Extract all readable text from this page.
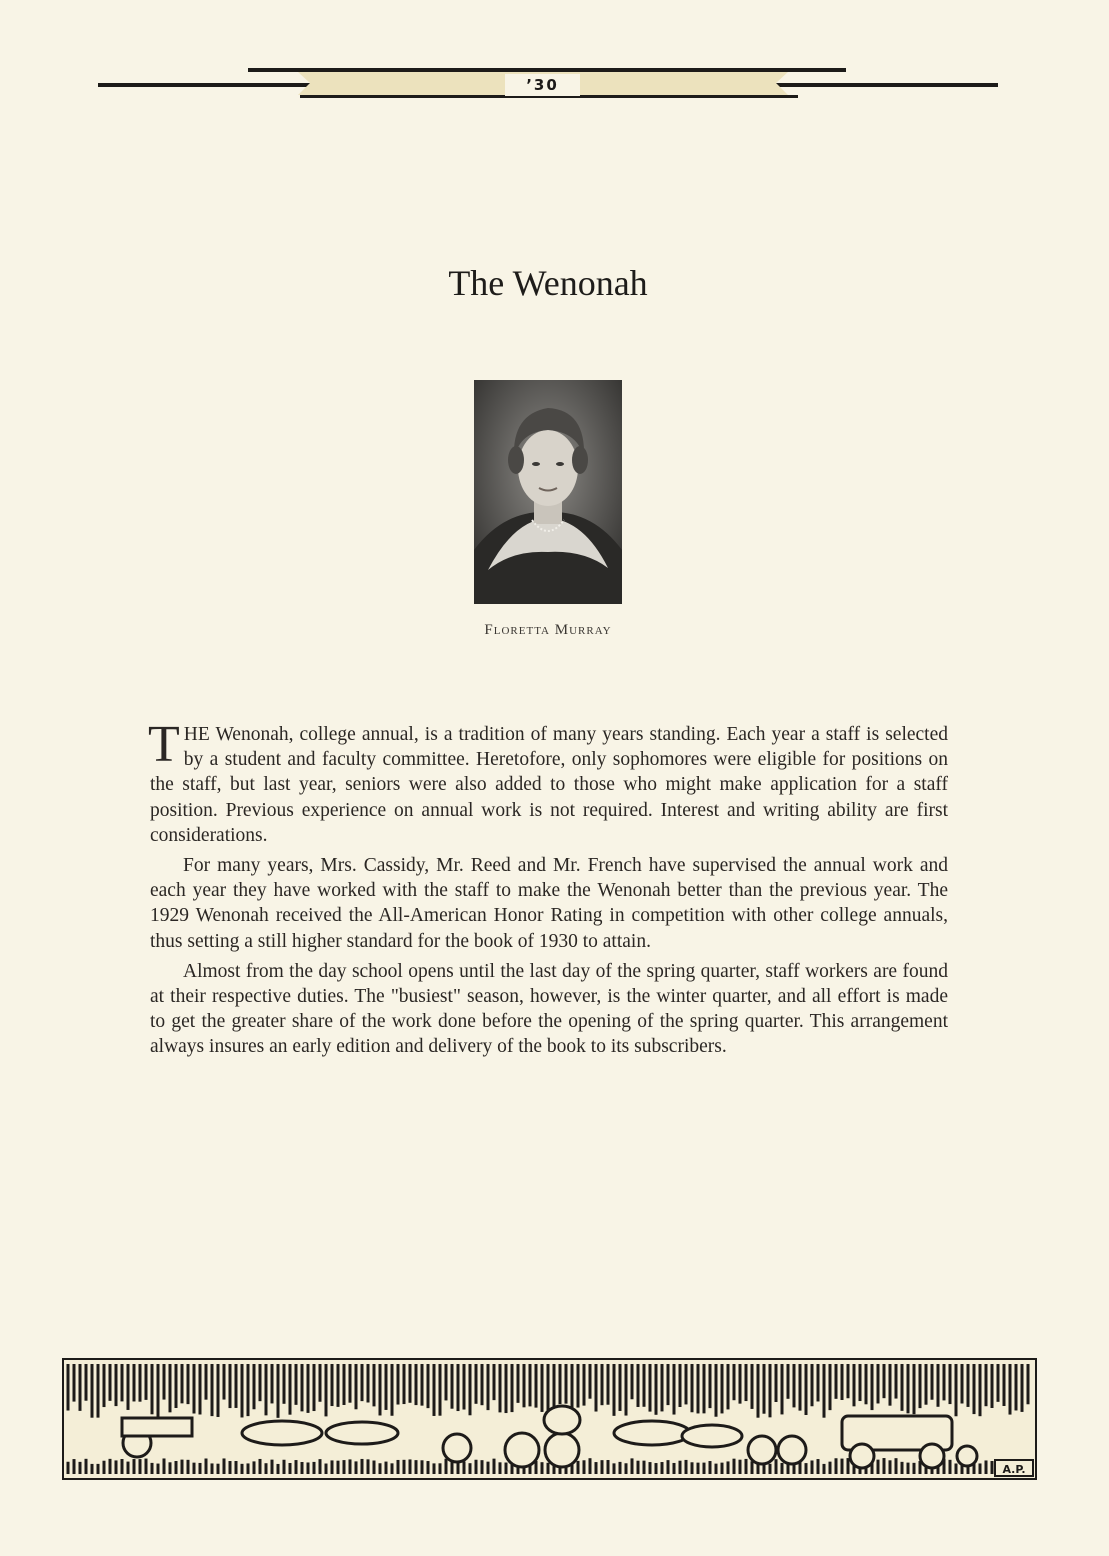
’30
The Wenonah
Floretta Murray

THE Wenonah, college annual, is a tradition of many years standing. Each year a staff is selected by a student and faculty committee. Heretofore, only sophomores were eligible for positions on the staff, but last year, seniors were also added to those who might make application for a staff position. Previous experience on annual work is not required. Interest and writing ability are first considerations.

For many years, Mrs. Cassidy, Mr. Reed and Mr. French have supervised the annual work and each year they have worked with the staff to make the Wenonah better than the previous year. The 1929 Wenonah received the All-American Honor Rating in competition with other college annuals, thus setting a still higher standard for the book of 1930 to attain.

Almost from the day school opens until the last day of the spring quarter, staff workers are found at their respective duties. The "busiest" season, however, is the winter quarter, and all effort is made to get the greater share of the work done before the opening of the spring quarter. This arrangement always insures an early edition and delivery of the book to its subscribers.

A.P.
